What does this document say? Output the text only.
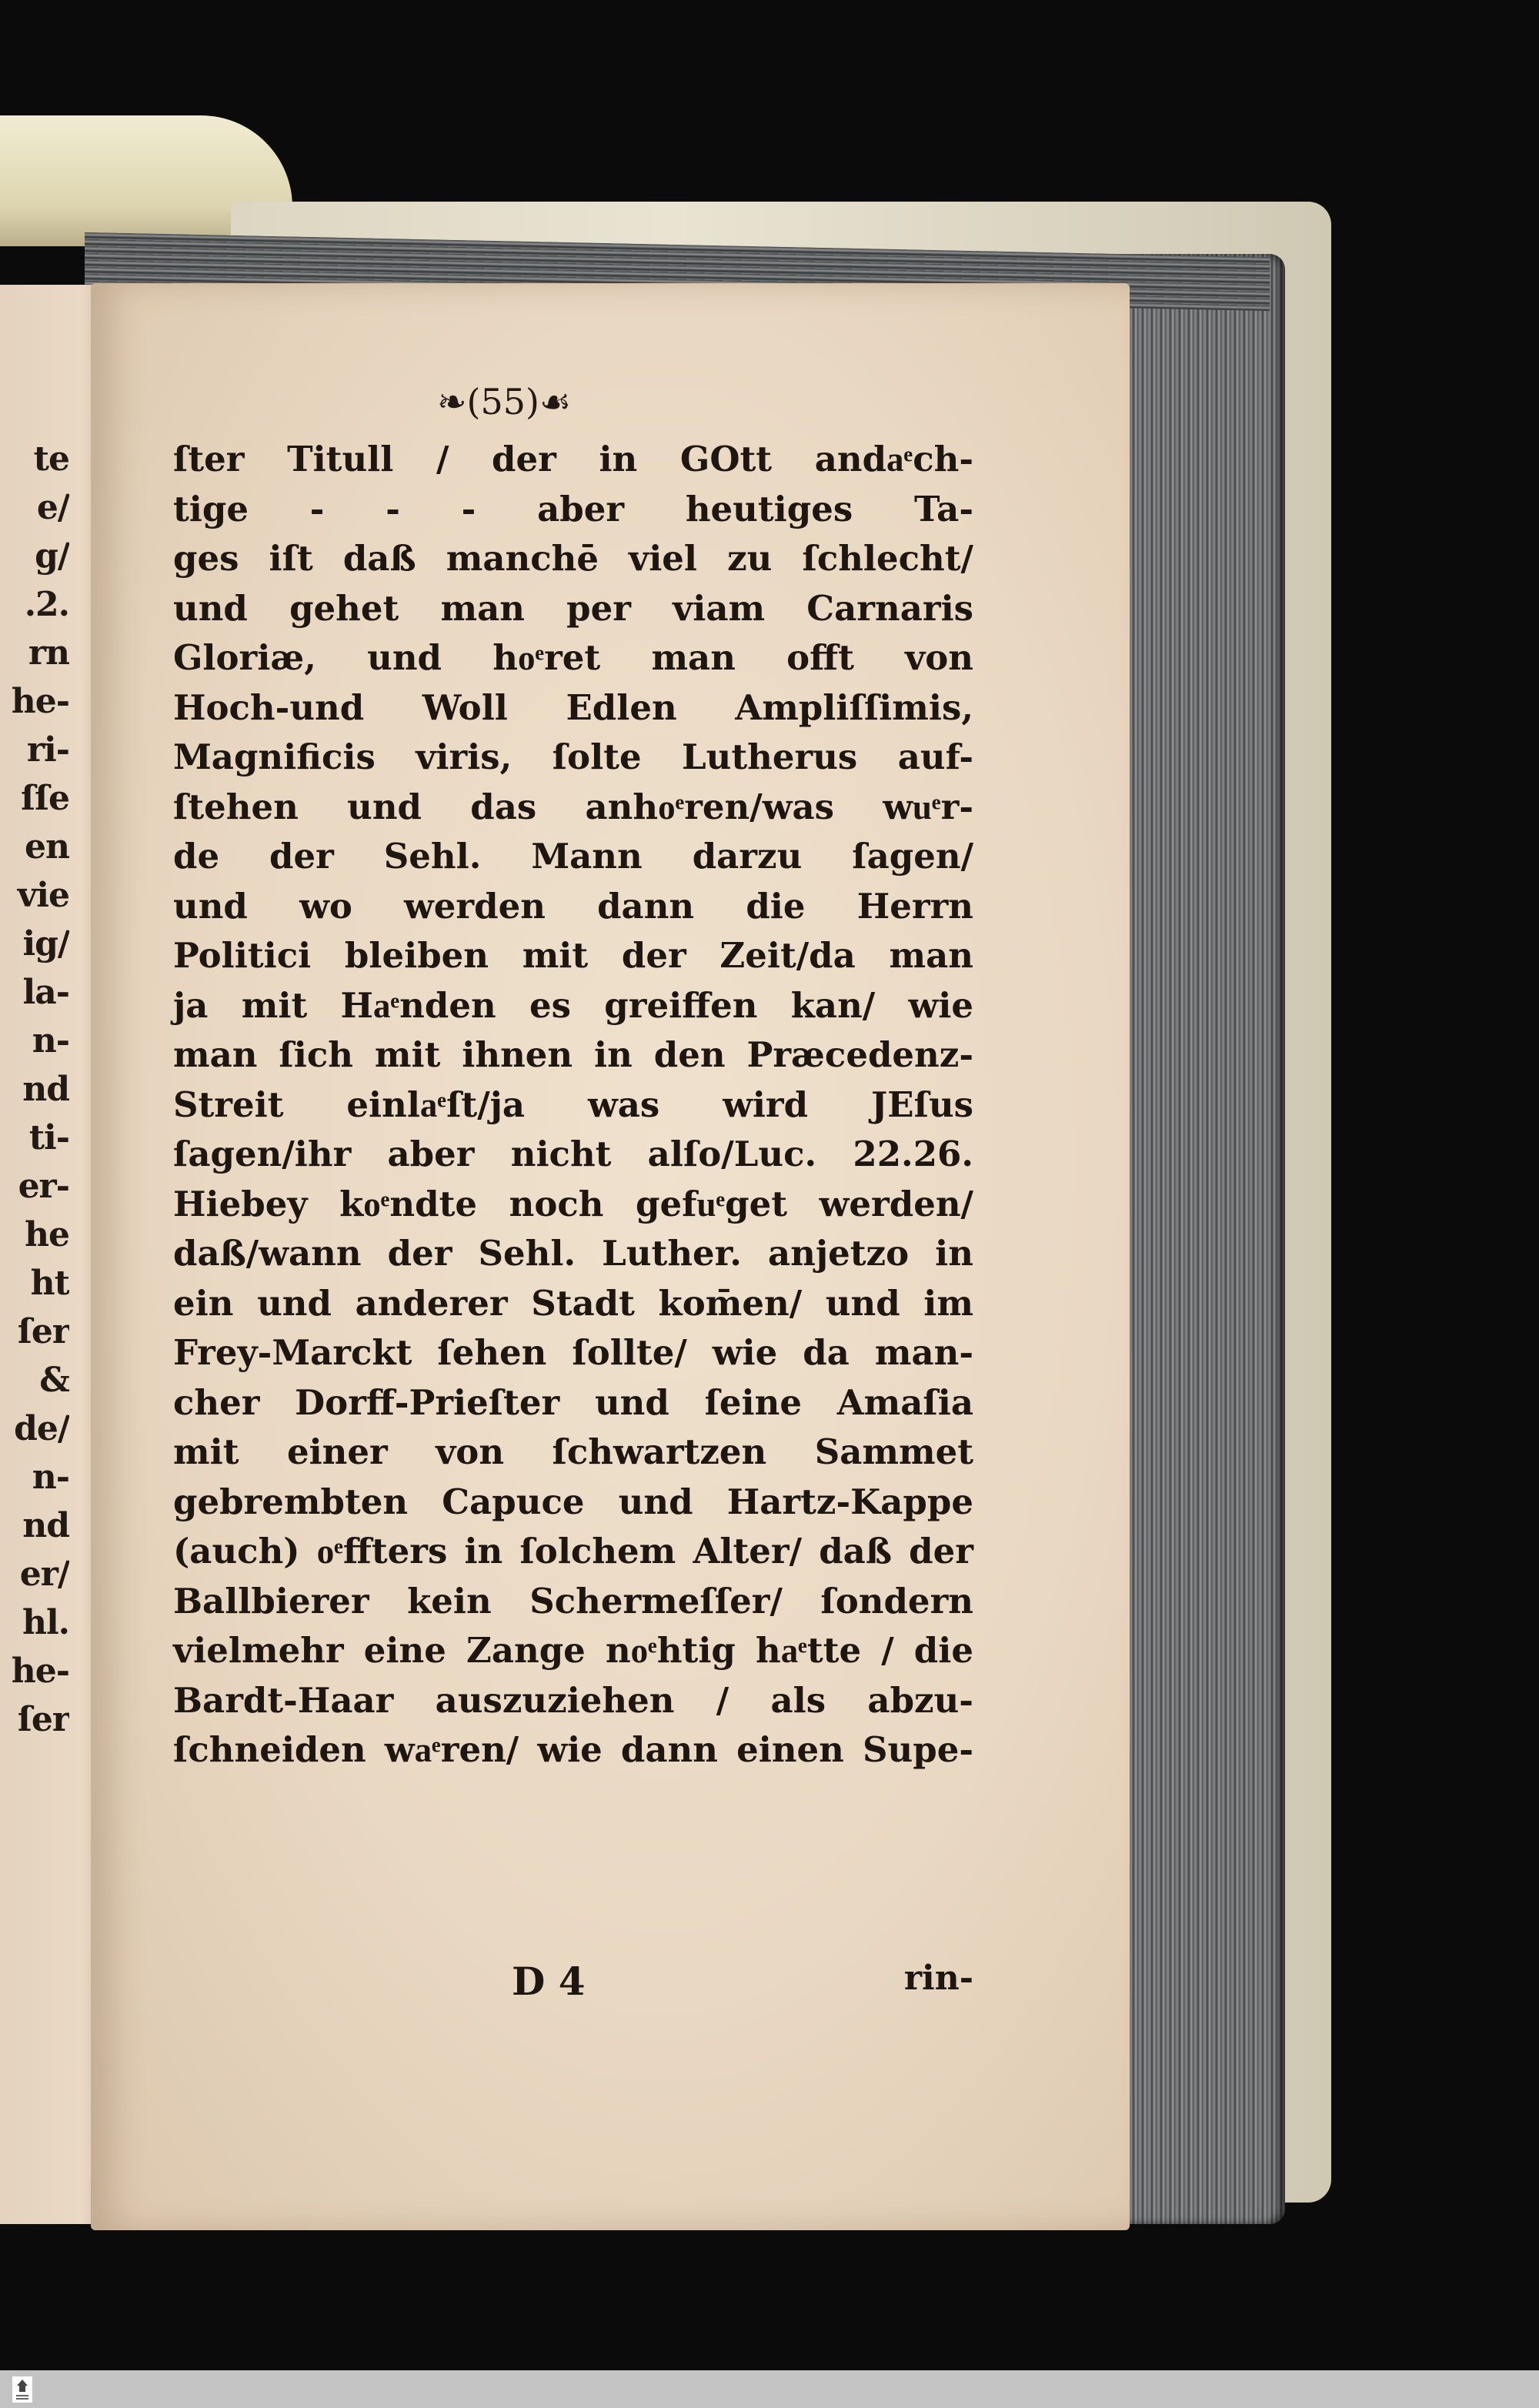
te
e/
g/
.2.
rn
he-
ri-
ſſe
en
vie
ig/
la-
n-
nd
ti-
er-
he
ht
ſer
&
de/
n-
nd
er/
hl.
he-
ſer
❧(55)☙
ſter Titull / der in GOtt andaͤch-
tige - - - aber heutiges Ta-
ges iſt daß manchē viel zu ſchlecht/
und gehet man per viam Carnaris
Gloriæ, und hoͤret man offt von
Hoch-und Woll Edlen Ampliſſimis,
Magnificis viris, ſolte Lutherus auf-
ſtehen und das anhoͤren/was wuͤr-
de der Sehl. Mann darzu ſagen/
und wo werden dann die Herrn
Politici bleiben mit der Zeit/da man
ja mit Haͤnden es greiffen kan/ wie
man ſich mit ihnen in den Præcedenz-
Streit einlaͤſt/ja was wird JEſus
ſagen/ihr aber nicht alſo/Luc. 22.26.
Hiebey koͤndte noch gefuͤget werden/
daß/wann der Sehl. Luther. anjetzo in
ein und anderer Stadt kom̄en/ und im
Frey-Marckt ſehen ſollte/ wie da man-
cher Dorff-Prieſter und ſeine Amaſia
mit einer von ſchwartzen Sammet
gebrembten Capuce und Hartz-Kappe
(auch) oͤffters in ſolchem Alter/ daß der
Ballbierer kein Schermeſſer/ ſondern
vielmehr eine Zange noͤhtig haͤtte / die
Bardt-Haar auszuziehen / als abzu-
ſchneiden waͤren/ wie dann einen Supe-
D 4	rin-
